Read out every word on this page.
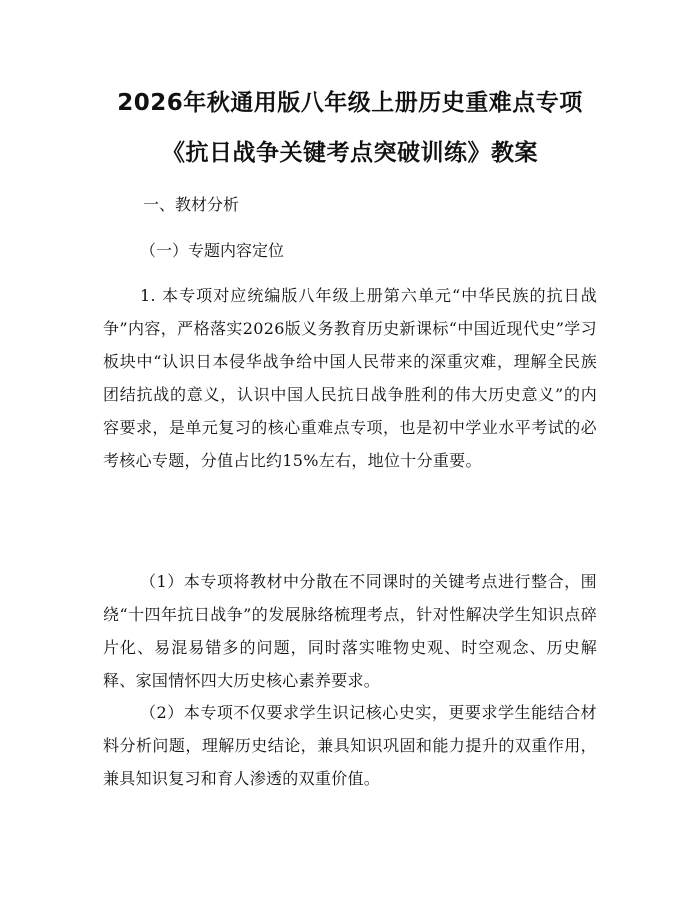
2026年秋通用版八年级上册历史重难点专项
《抗日战争关键考点突破训练》教案
一、教材分析
（一）专题内容定位

1. 本专项对应统编版八年级上册第六单元“中华民族的抗日战争”内容，严格落实2026版义务教育历史新课标“中国近现代史”学习板块中“认识日本侵华战争给中国人民带来的深重灾难，理解全民族团结抗战的意义，认识中国人民抗日战争胜利的伟大历史意义”的内容要求，是单元复习的核心重难点专项，也是初中学业水平考试的必考核心专题，分值占比约15%左右，地位十分重要。

（1）本专项将教材中分散在不同课时的关键考点进行整合，围绕“十四年抗日战争”的发展脉络梳理考点，针对性解决学生知识点碎片化、易混易错多的问题，同时落实唯物史观、时空观念、历史解释、家国情怀四大历史核心素养要求。

（2）本专项不仅要求学生识记核心史实，更要求学生能结合材料分析问题，理解历史结论，兼具知识巩固和能力提升的双重作用，兼具知识复习和育人渗透的双重价值。
